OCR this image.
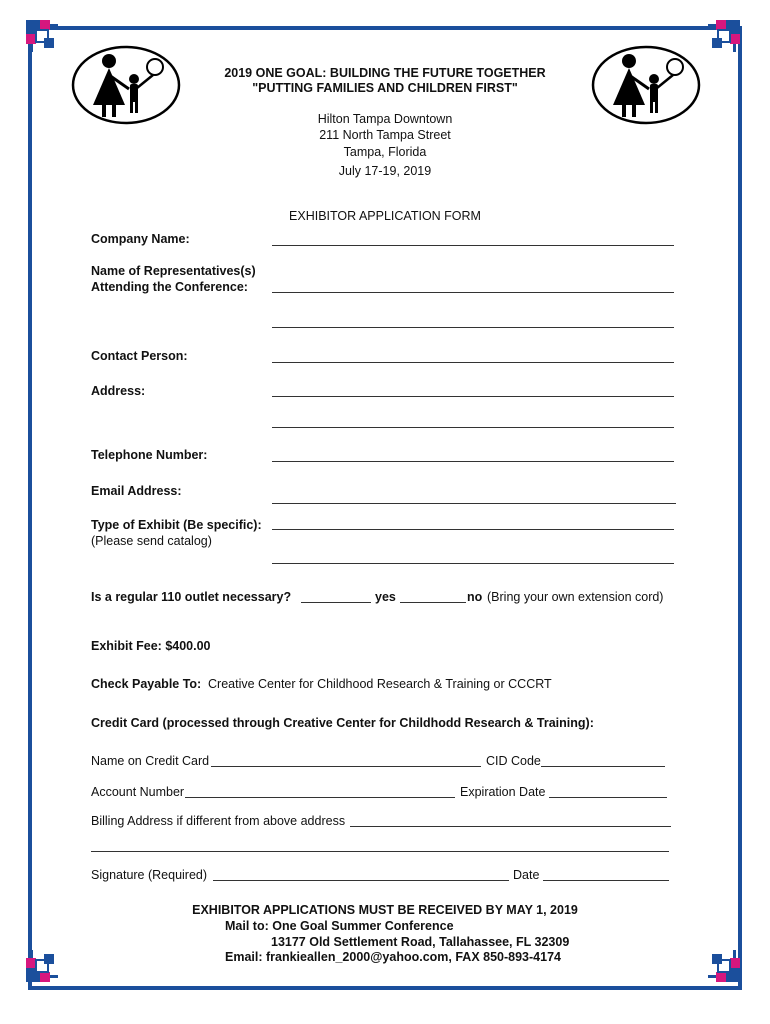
2019 ONE GOAL: BUILDING THE FUTURE TOGETHER
"PUTTING FAMILIES AND CHILDREN FIRST"
Hilton Tampa Downtown
211 North Tampa Street
Tampa, Florida
July 17-19, 2019
EXHIBITOR APPLICATION FORM
Company Name:
Name of Representatives(s)
Attending the Conference:
Contact Person:
Address:
Telephone Number:
Email Address:
Type of Exhibit (Be specific):
(Please send catalog)
Is a regular 110 outlet necessary?	yes	no (Bring your own extension cord)
Exhibit Fee: $400.00
Check Payable To: Creative Center for Childhood Research & Training or CCCRT
Credit Card (processed through Creative Center for Childhodd Research & Training):
Name on Credit Card	CID Code
Account Number	Expiration Date
Billing Address if different from above address
Signature (Required)	Date
EXHIBITOR APPLICATIONS MUST BE RECEIVED BY MAY 1, 2019
Mail to: One Goal Summer Conference
13177 Old Settlement Road, Tallahassee, FL 32309
Email: frankieallen_2000@yahoo.com, FAX 850-893-4174
